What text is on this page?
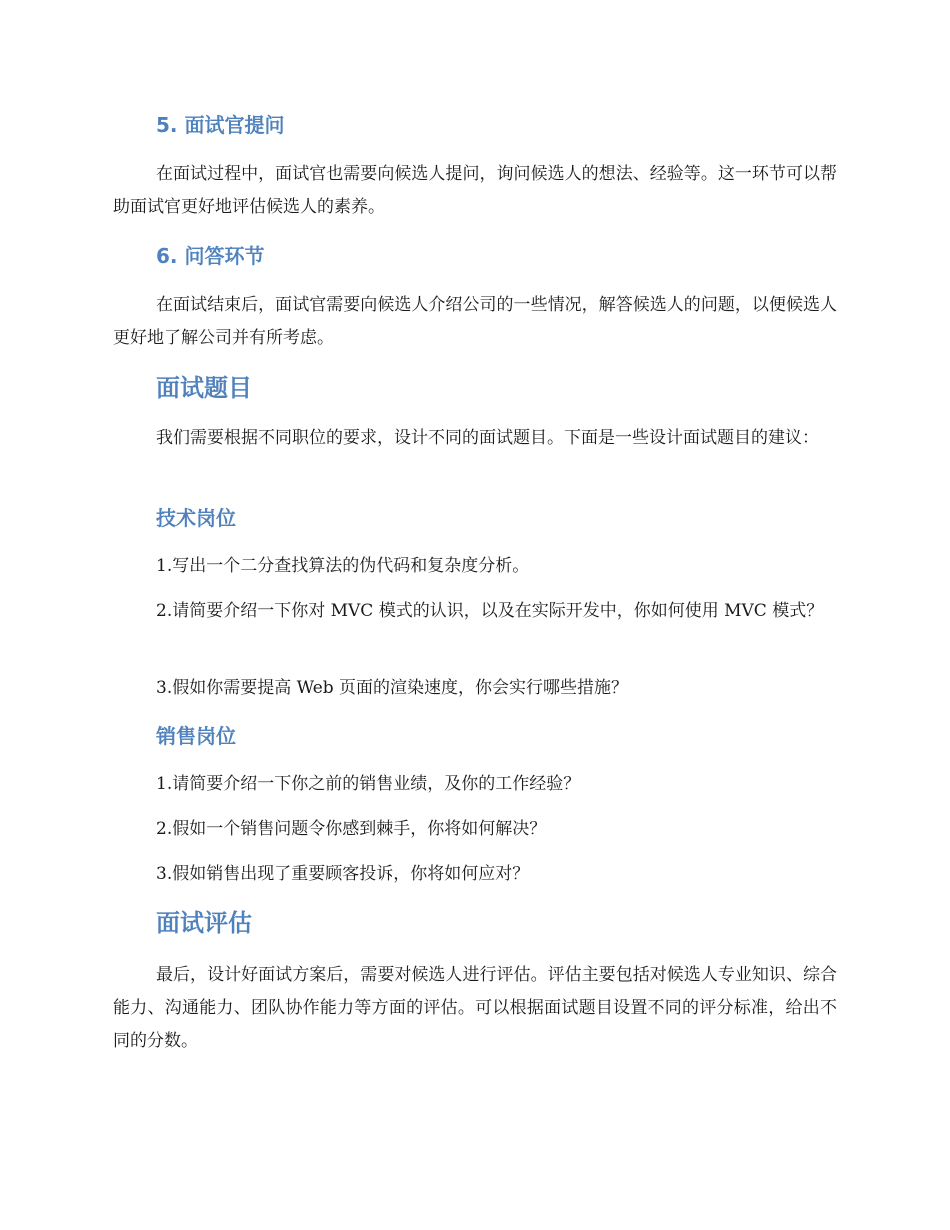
5. 面试官提问
在面试过程中，面试官也需要向候选人提问，询问候选人的想法、经验等。这一环节可以帮助面试官更好地评估候选人的素养。
6. 问答环节
在面试结束后，面试官需要向候选人介绍公司的一些情况，解答候选人的问题，以便候选人更好地了解公司并有所考虑。
面试题目
我们需要根据不同职位的要求，设计不同的面试题目。下面是一些设计面试题目的建议：
技术岗位
1.写出一个二分查找算法的伪代码和复杂度分析。
2.请简要介绍一下你对 MVC 模式的认识，以及在实际开发中，你如何使用 MVC 模式？
3.假如你需要提高 Web 页面的渲染速度，你会实行哪些措施？
销售岗位
1.请简要介绍一下你之前的销售业绩，及你的工作经验？
2.假如一个销售问题令你感到棘手，你将如何解决？
3.假如销售出现了重要顾客投诉，你将如何应对？
面试评估
最后，设计好面试方案后，需要对候选人进行评估。评估主要包括对候选人专业知识、综合能力、沟通能力、团队协作能力等方面的评估。可以根据面试题目设置不同的评分标准，给出不同的分数。
